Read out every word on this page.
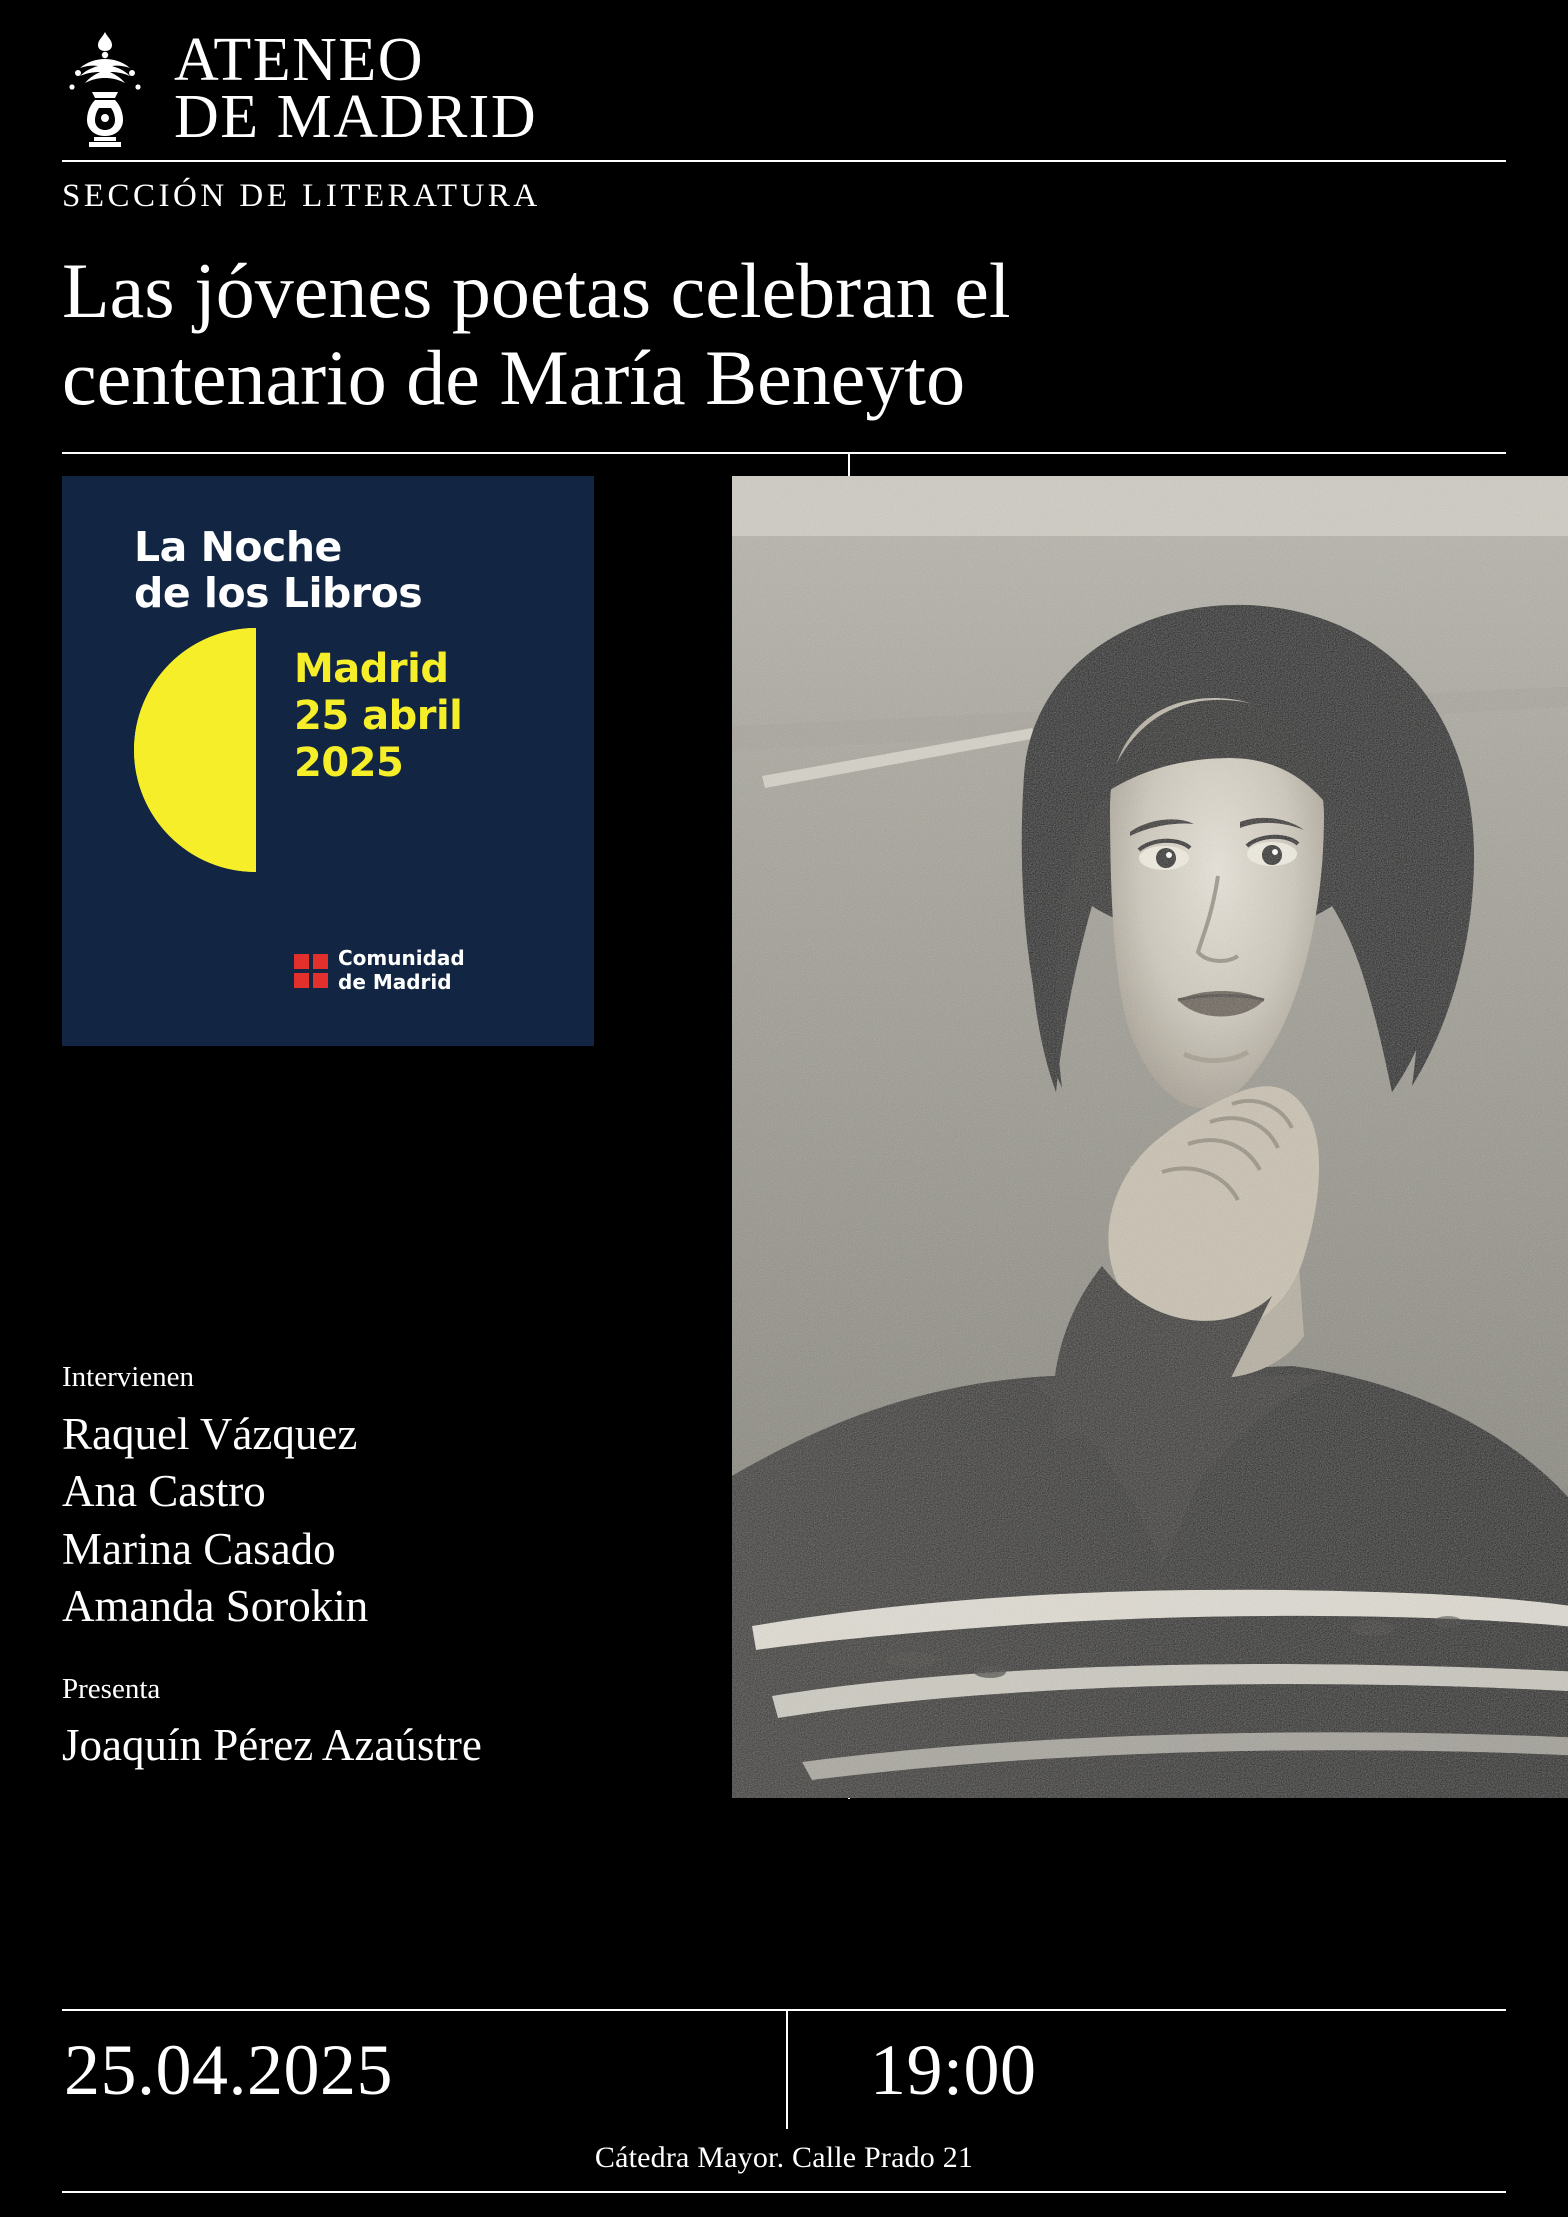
ATENEO
DE MADRID
SECCIÓN DE LITERATURA
Las jóvenes poetas celebran el
centenario de María Beneyto
La Noche
de los Libros
Madrid
25 abril
2025
Comunidad
de Madrid
Intervienen
Raquel Vázquez
Ana Castro
Marina Casado
Amanda Sorokin
Presenta
Joaquín Pérez Azaústre
25.04.2025	19:00
Cátedra Mayor. Calle Prado 21
